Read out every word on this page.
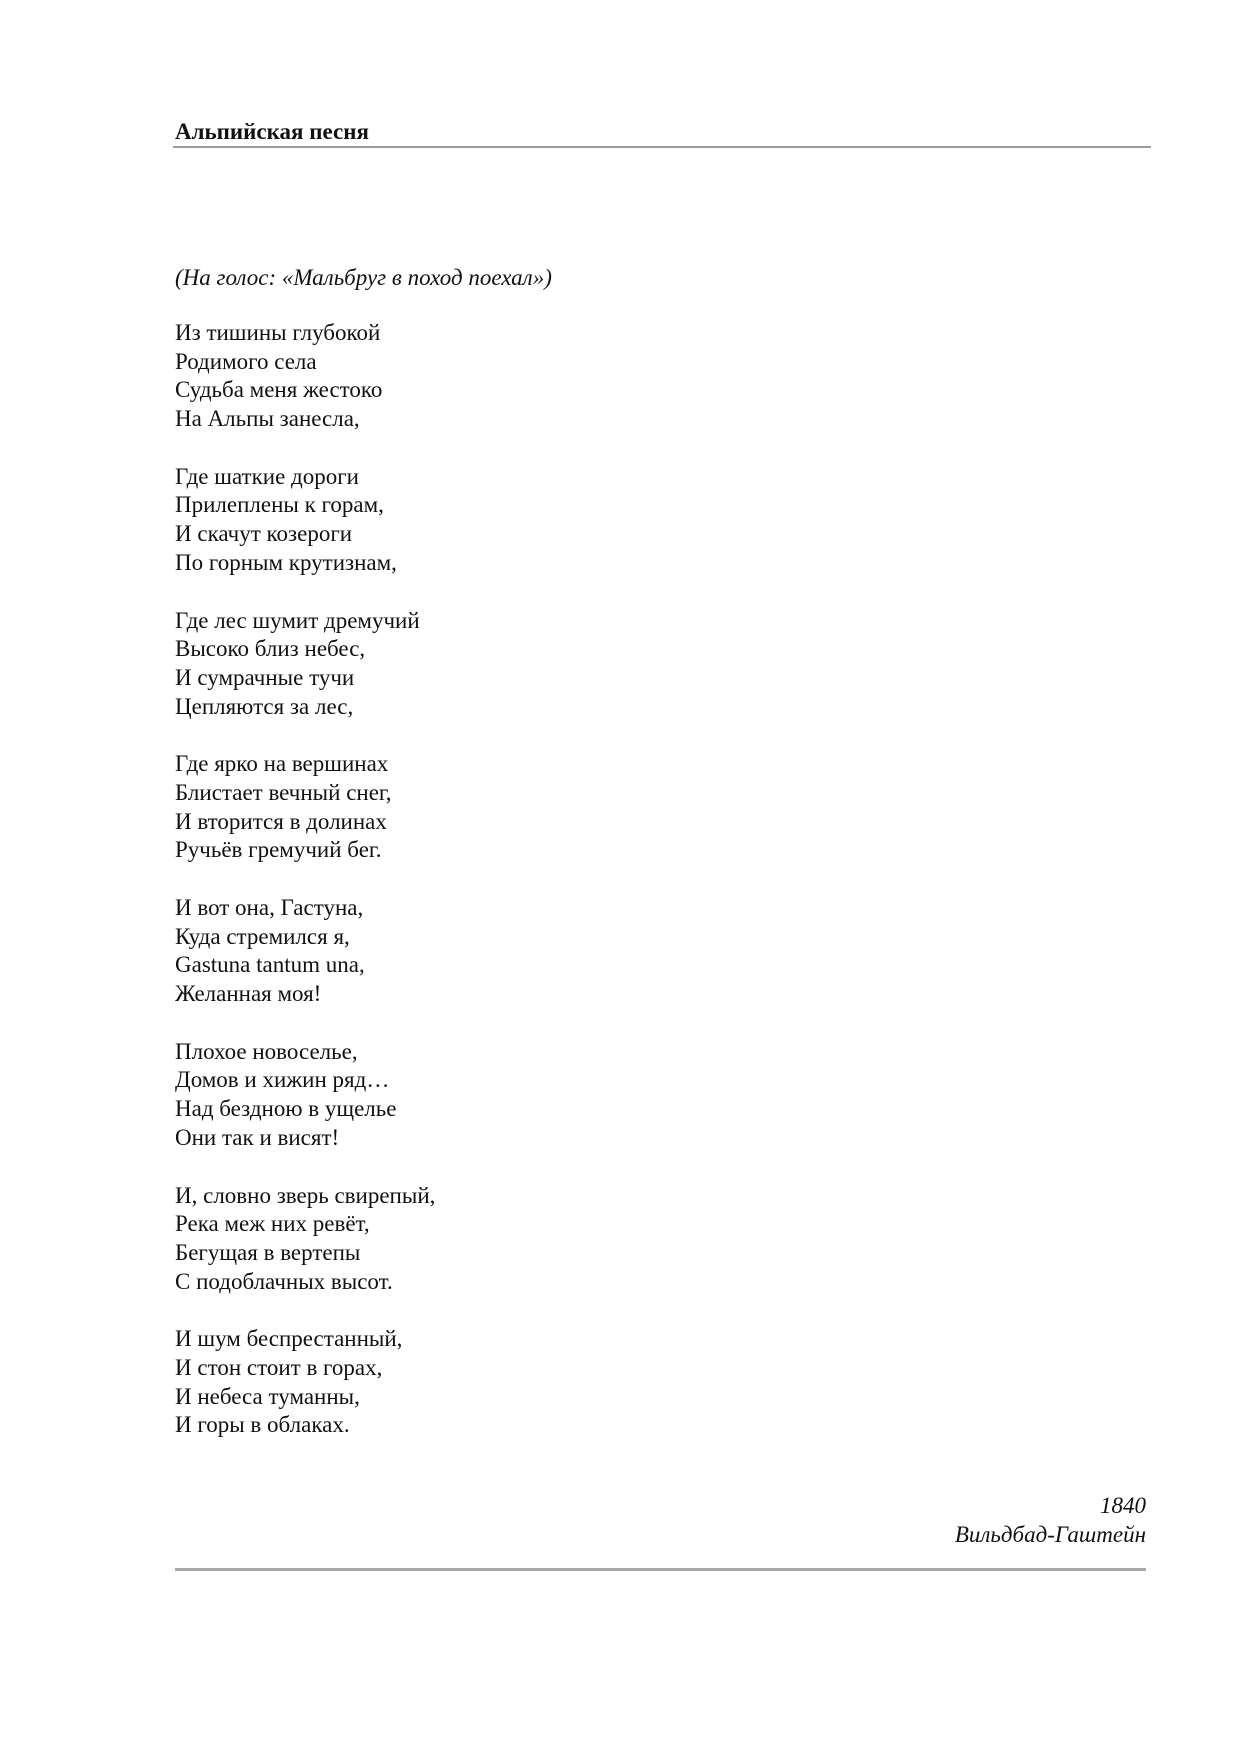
Альпийская песня

(На голос: «Мальбруг в поход поехал»)

Из тишины глубокой
Родимого села
Судьба меня жестоко
На Альпы занесла,
Где шаткие дороги
Прилеплены к горам,
И скачут козероги
По горным крутизнам,
Где лес шумит дремучий
Высоко близ небес,
И сумрачные тучи
Цепляются за лес,
Где ярко на вершинах
Блистает вечный снег,
И вторится в долинах
Ручьёв гремучий бег.
И вот она, Гастуна,
Куда стремился я,
Gastuna tantum una,
Желанная моя!
Плохое новоселье,
Домов и хижин ряд…
Над бездною в ущелье
Они так и висят!
И, словно зверь свирепый,
Река меж них ревёт,
Бегущая в вертепы
С подоблачных высот.
И шум беспрестанный,
И стон стоит в горах,
И небеса туманны,
И горы в облаках.
1840
Вильдбад-Гаштейн
